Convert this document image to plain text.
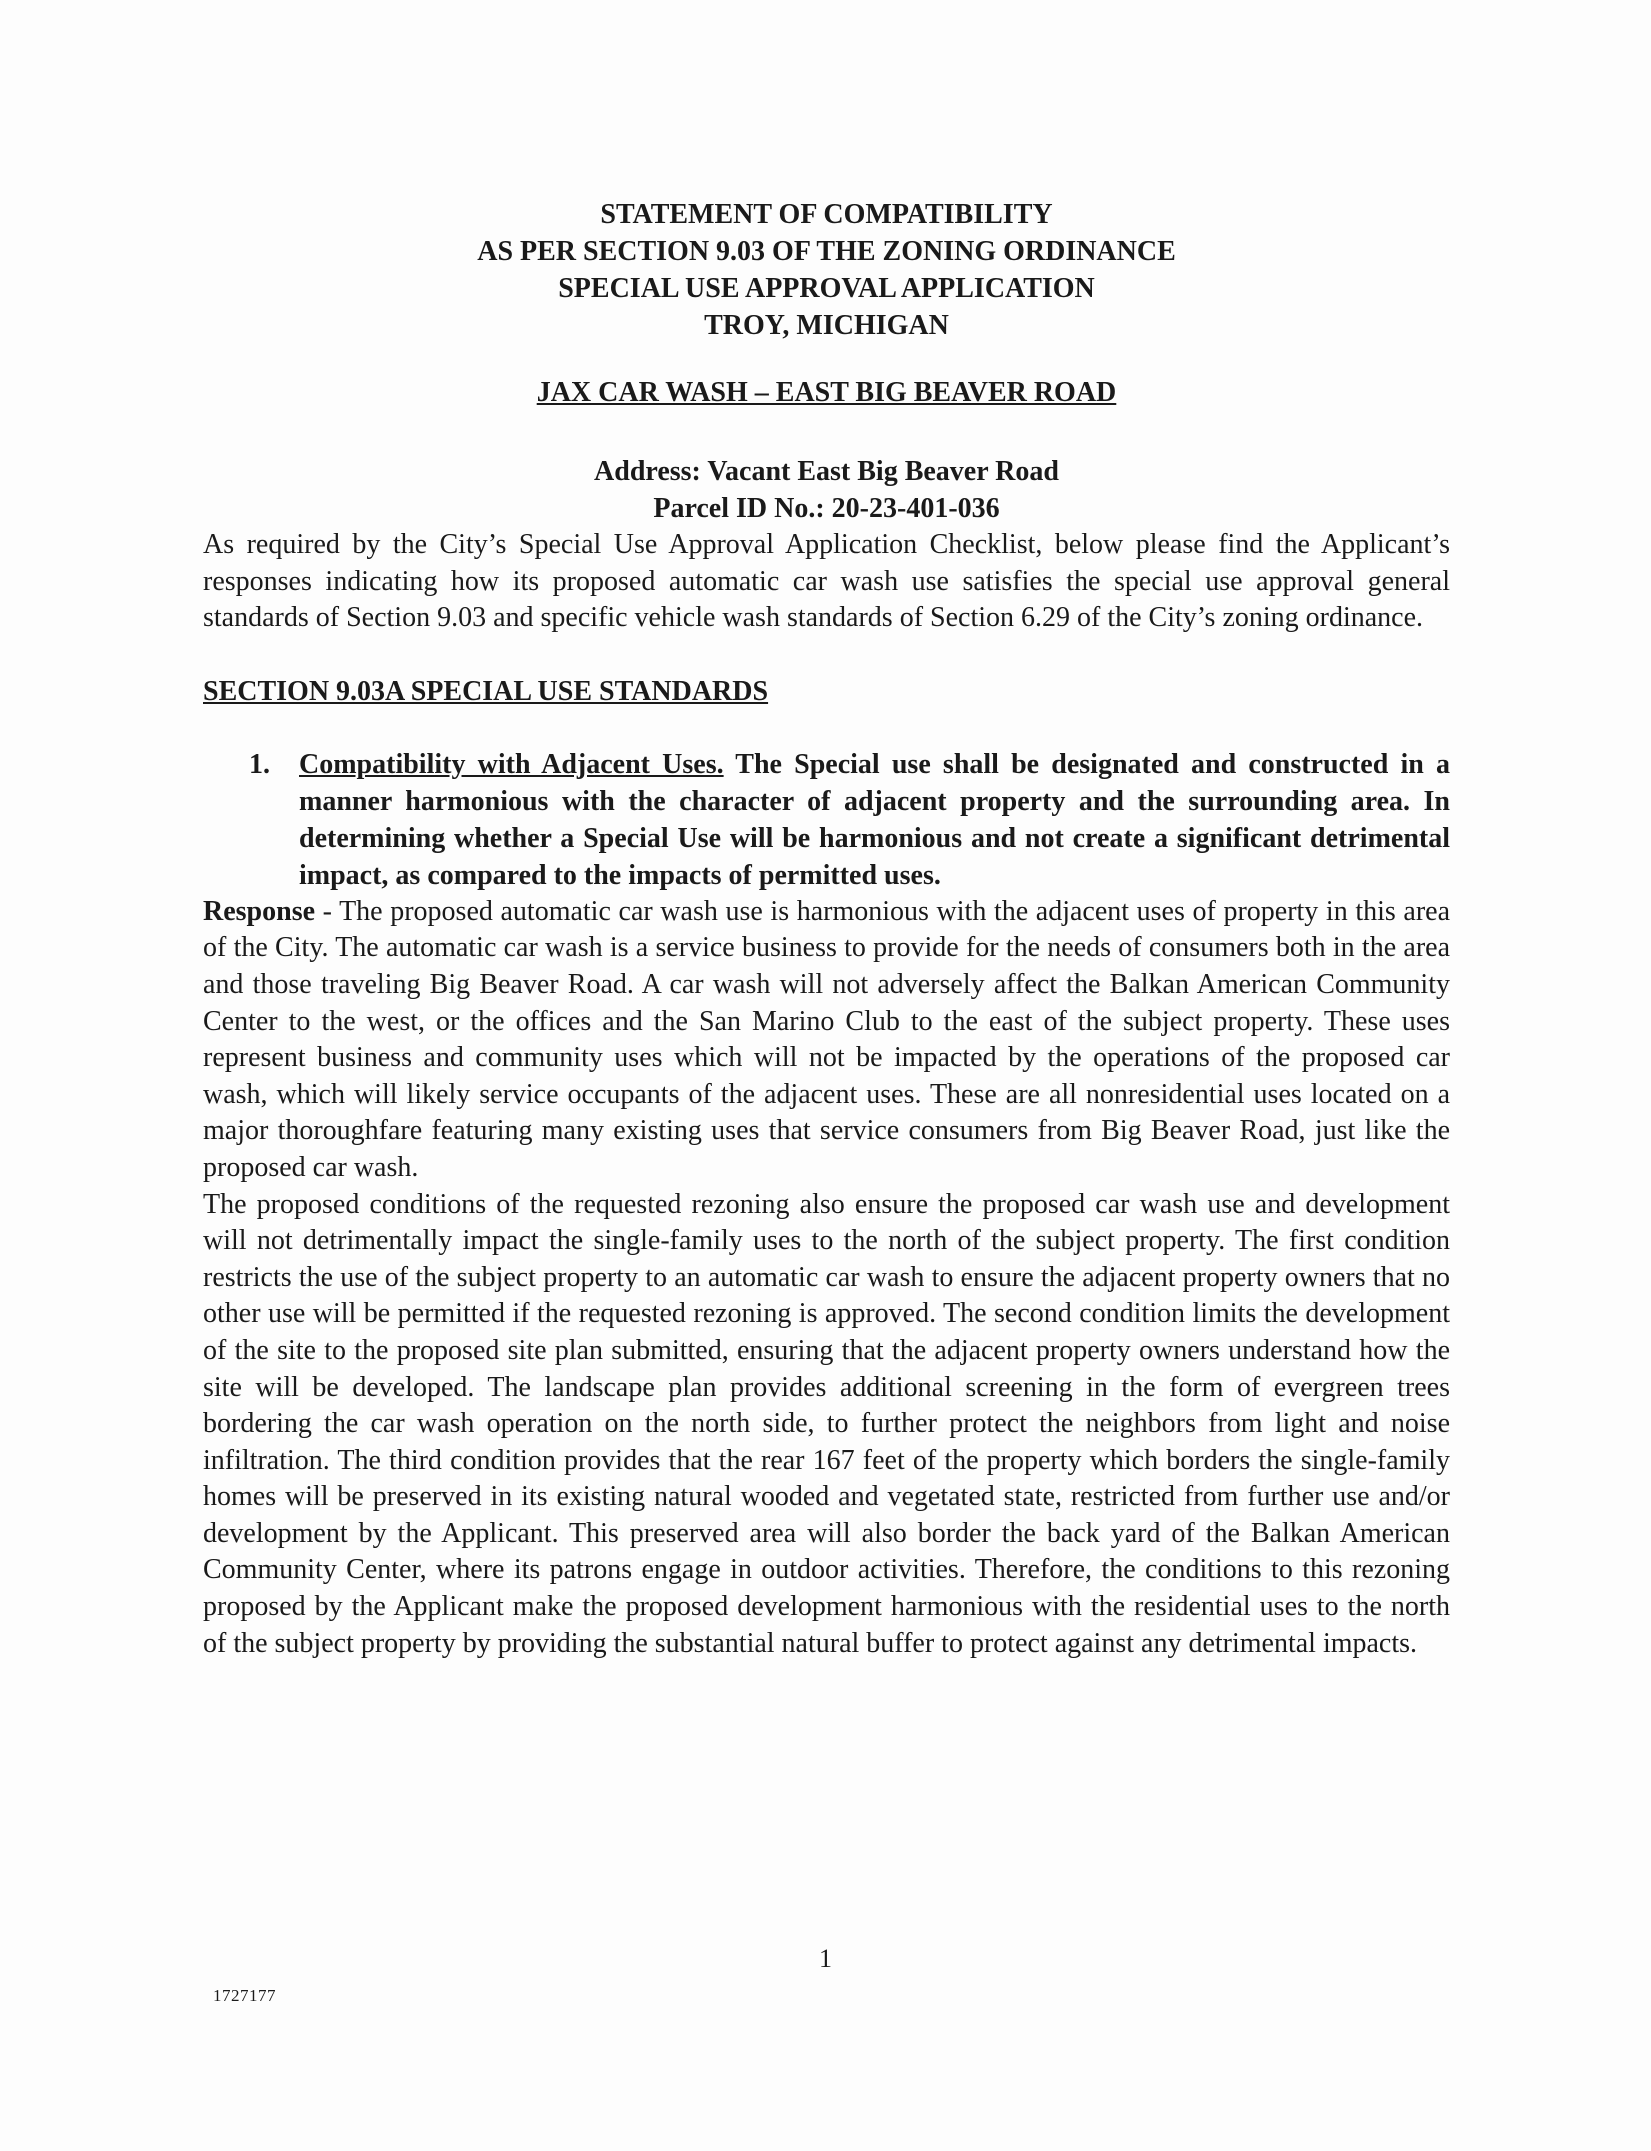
STATEMENT OF COMPATIBILITY
AS PER SECTION 9.03 OF THE ZONING ORDINANCE
SPECIAL USE APPROVAL APPLICATION
TROY, MICHIGAN
JAX CAR WASH – EAST BIG BEAVER ROAD
Address: Vacant East Big Beaver Road
Parcel ID No.: 20-23-401-036

As required by the City’s Special Use Approval Application Checklist, below please find the Applicant’s responses indicating how its proposed automatic car wash use satisfies the special use approval general standards of Section 9.03 and specific vehicle wash standards of Section 6.29 of the City’s zoning ordinance.

SECTION 9.03A SPECIAL USE STANDARDS
1.	Compatibility with Adjacent Uses. The Special use shall be designated and constructed in a manner harmonious with the character of adjacent property and the surrounding area. In determining whether a Special Use will be harmonious and not create a significant detrimental impact, as compared to the impacts of permitted uses.

Response - The proposed automatic car wash use is harmonious with the adjacent uses of property in this area of the City. The automatic car wash is a service business to provide for the needs of consumers both in the area and those traveling Big Beaver Road. A car wash will not adversely affect the Balkan American Community Center to the west, or the offices and the San Marino Club to the east of the subject property. These uses represent business and community uses which will not be impacted by the operations of the proposed car wash, which will likely service occupants of the adjacent uses. These are all nonresidential uses located on a major thoroughfare featuring many existing uses that service consumers from Big Beaver Road, just like the proposed car wash.

The proposed conditions of the requested rezoning also ensure the proposed car wash use and development will not detrimentally impact the single-family uses to the north of the subject property. The first condition restricts the use of the subject property to an automatic car wash to ensure the adjacent property owners that no other use will be permitted if the requested rezoning is approved. The second condition limits the development of the site to the proposed site plan submitted, ensuring that the adjacent property owners understand how the site will be developed. The landscape plan provides additional screening in the form of evergreen trees bordering the car wash operation on the north side, to further protect the neighbors from light and noise infiltration. The third condition provides that the rear 167 feet of the property which borders the single-family homes will be preserved in its existing natural wooded and vegetated state, restricted from further use and/or development by the Applicant. This preserved area will also border the back yard of the Balkan American Community Center, where its patrons engage in outdoor activities. Therefore, the conditions to this rezoning proposed by the Applicant make the proposed development harmonious with the residential uses to the north of the subject property by providing the substantial natural buffer to protect against any detrimental impacts.

1
1727177
